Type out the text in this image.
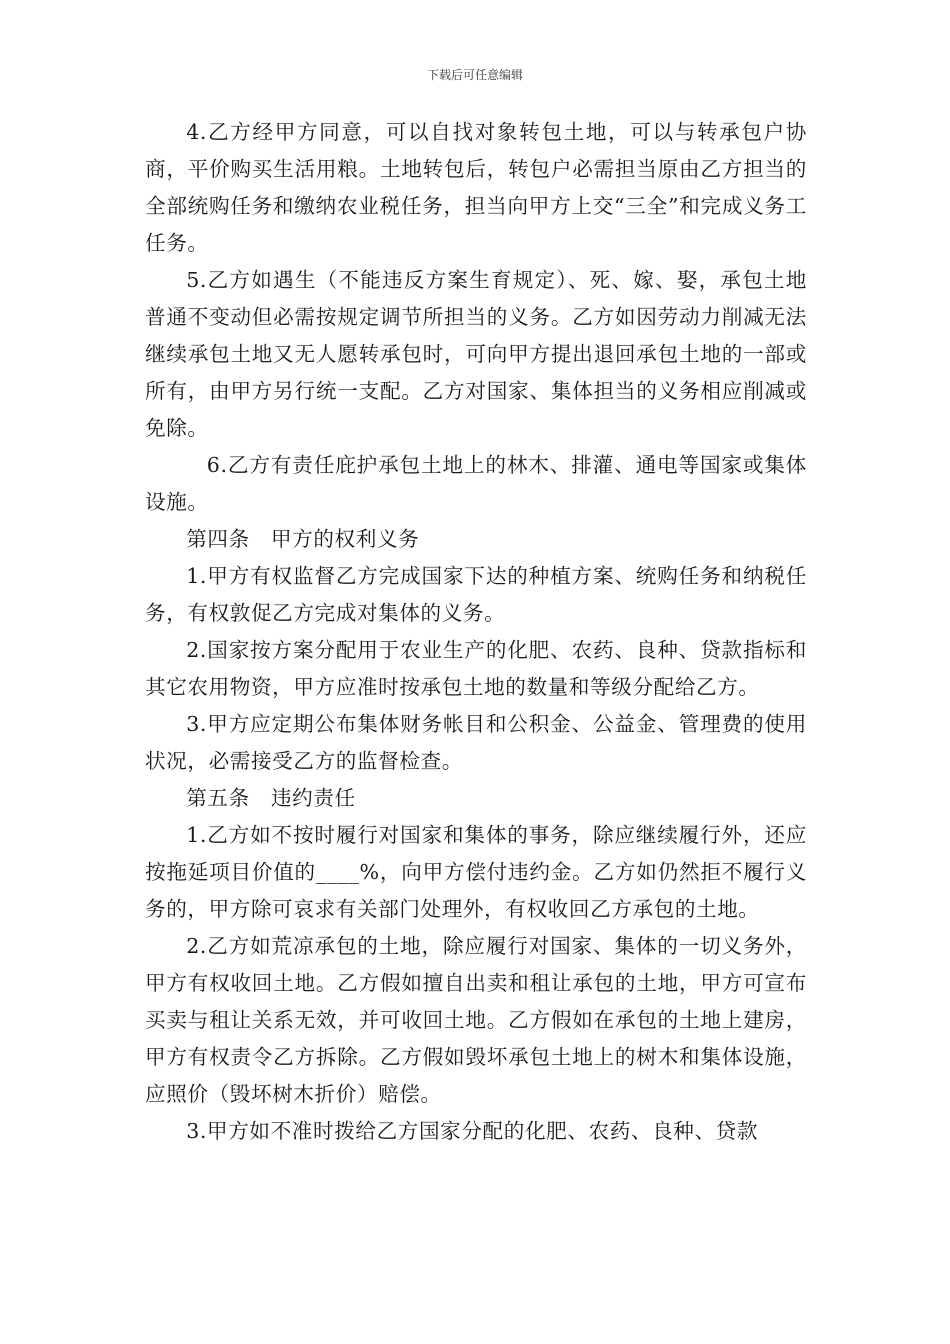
下载后可任意编辑

4.乙方经甲方同意，可以自找对象转包土地，可以与转承包户协商，平价购买生活用粮。土地转包后，转包户必需担当原由乙方担当的全部统购任务和缴纳农业税任务，担当向甲方上交“三全”和完成义务工任务。

5.乙方如遇生（不能违反方案生育规定）、死、嫁、娶，承包土地普通不变动但必需按规定调节所担当的义务。乙方如因劳动力削减无法继续承包土地又无人愿转承包时，可向甲方提出退回承包土地的一部或所有，由甲方另行统一支配。乙方对国家、集体担当的义务相应削减或免除。

6.乙方有责任庇护承包土地上的林木、排灌、通电等国家或集体设施。

第四条　甲方的权利义务

1.甲方有权监督乙方完成国家下达的种植方案、统购任务和纳税任务，有权敦促乙方完成对集体的义务。

2.国家按方案分配用于农业生产的化肥、农药、良种、贷款指标和其它农用物资，甲方应准时按承包土地的数量和等级分配给乙方。

3.甲方应定期公布集体财务帐目和公积金、公益金、管理费的使用状况，必需接受乙方的监督检查。

第五条　违约责任

1.乙方如不按时履行对国家和集体的事务，除应继续履行外，还应按拖延项目价值的____%，向甲方偿付违约金。乙方如仍然拒不履行义务的，甲方除可哀求有关部门处理外，有权收回乙方承包的土地。

2.乙方如荒凉承包的土地，除应履行对国家、集体的一切义务外，甲方有权收回土地。乙方假如擅自出卖和租让承包的土地，甲方可宣布买卖与租让关系无效，并可收回土地。乙方假如在承包的土地上建房，甲方有权责令乙方拆除。乙方假如毁坏承包土地上的树木和集体设施，应照价（毁坏树木折价）赔偿。

3.甲方如不准时拨给乙方国家分配的化肥、农药、良种、贷款
